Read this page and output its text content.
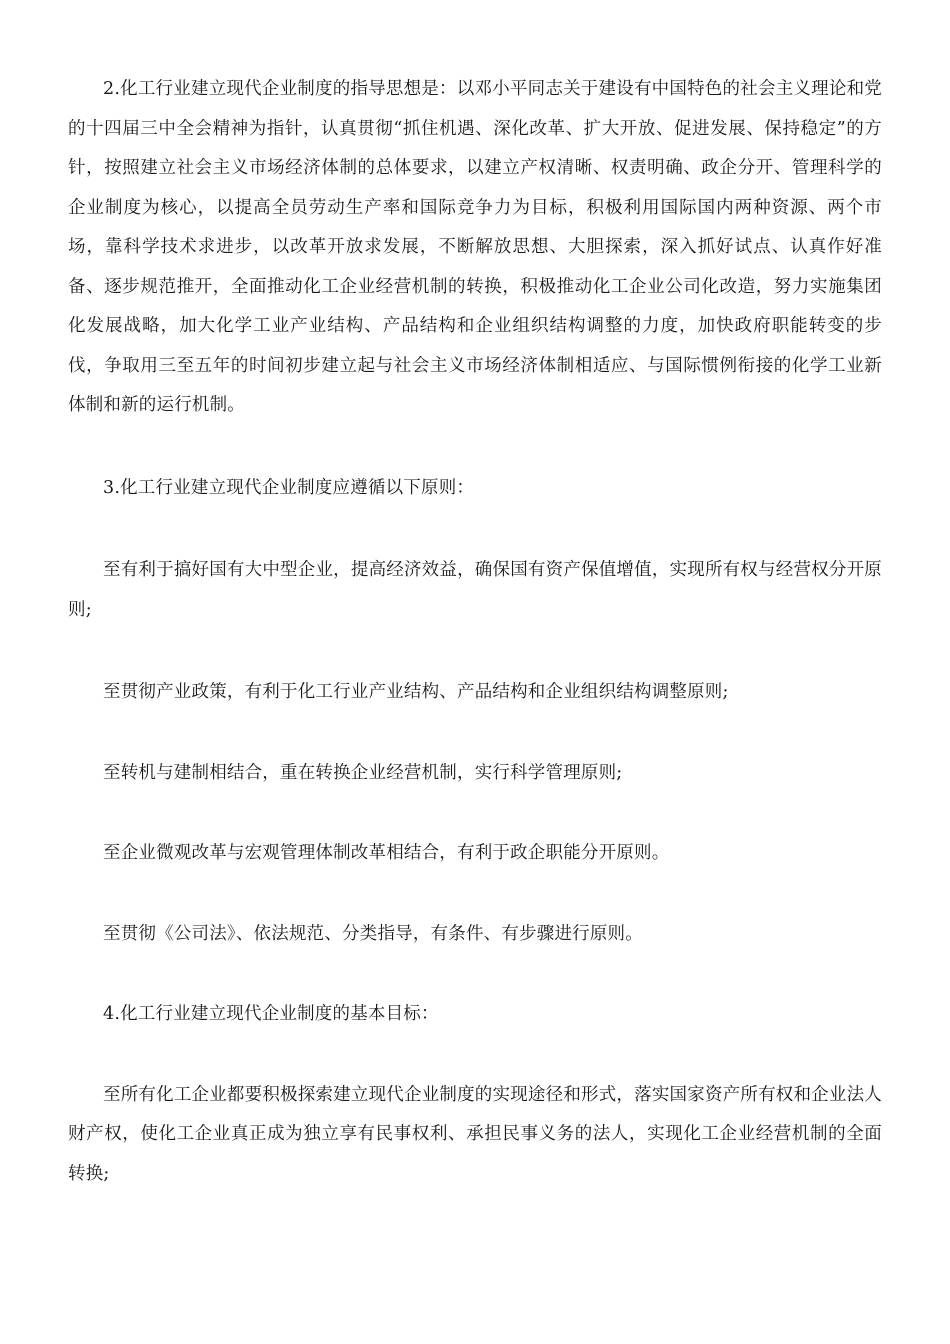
2.化工行业建立现代企业制度的指导思想是：以邓小平同志关于建设有中国特色的社会主义理论和党的十四届三中全会精神为指针，认真贯彻“抓住机遇、深化改革、扩大开放、促进发展、保持稳定”的方针，按照建立社会主义市场经济体制的总体要求，以建立产权清晰、权责明确、政企分开、管理科学的企业制度为核心，以提高全员劳动生产率和国际竞争力为目标，积极利用国际国内两种资源、两个市场，靠科学技术求进步，以改革开放求发展，不断解放思想、大胆探索，深入抓好试点、认真作好准备、逐步规范推开，全面推动化工企业经营机制的转换，积极推动化工企业公司化改造，努力实施集团化发展战略，加大化学工业产业结构、产品结构和企业组织结构调整的力度，加快政府职能转变的步伐，争取用三至五年的时间初步建立起与社会主义市场经济体制相适应、与国际惯例衔接的化学工业新体制和新的运行机制。

3.化工行业建立现代企业制度应遵循以下原则：

至有利于搞好国有大中型企业，提高经济效益，确保国有资产保值增值，实现所有权与经营权分开原则;

至贯彻产业政策，有利于化工行业产业结构、产品结构和企业组织结构调整原则;

至转机与建制相结合，重在转换企业经营机制，实行科学管理原则;

至企业微观改革与宏观管理体制改革相结合，有利于政企职能分开原则。

至贯彻《公司法》、依法规范、分类指导，有条件、有步骤进行原则。

4.化工行业建立现代企业制度的基本目标：

至所有化工企业都要积极探索建立现代企业制度的实现途径和形式，落实国家资产所有权和企业法人财产权，使化工企业真正成为独立享有民事权利、承担民事义务的法人，实现化工企业经营机制的全面转换;
